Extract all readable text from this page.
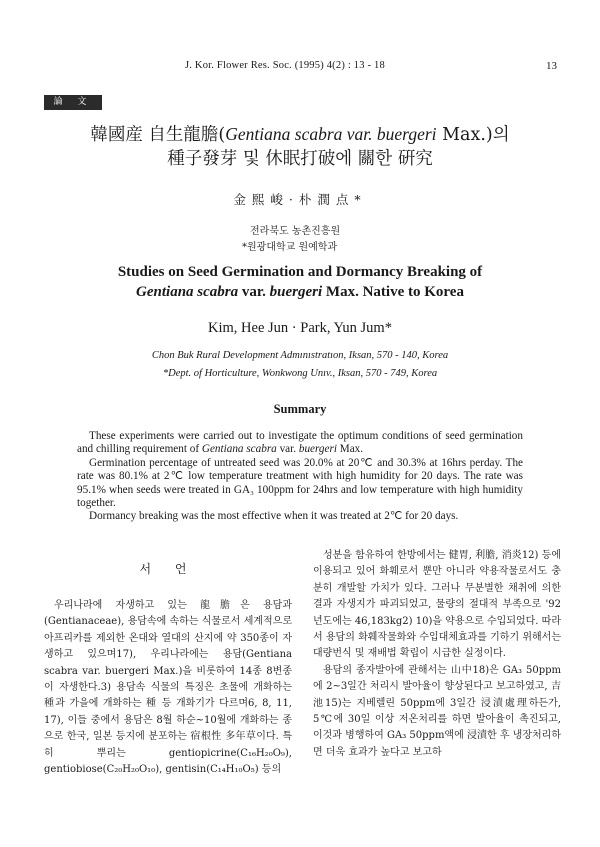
J. Kor. Flower Res. Soc. (1995) 4(2) : 13 - 18	13
論 文
韓國産 自生龍膽(Gentiana scabra var. buergeri Max.)의
種子發芽 및 休眠打破에 關한 硏究
金熙峻·朴潤点*
전라북도 농촌진흥원
*원광대학교 원예학과
Studies on Seed Germination and Dormancy Breaking of
Gentiana scabra var. buergeri Max. Native to Korea
Kim, Hee Jun · Park, Yun Jum*
Chon Buk Rural Development Admınıstratıon, Iksan, 570 - 140, Korea
*Dept. of Horticulture, Wonkwong Unıv., Iksan, 570 - 749, Korea
Summary

These experiments were carried out to investigate the optimum conditions of seed germination and chilling requirement of Gentiana scabra var. buergeri Max.

Germination percentage of untreated seed was 20.0% at 20℃ and 30.3% at 16hrs perday. The rate was 80.1% at 2℃ low temperature treatment with high humidity for 20 days. The rate was 95.1% when seeds were treated in GA₃ 100ppm for 24hrs and low temperature with high humidity together.

Dormancy breaking was the most effective when it was treated at 2℃ for 20 days.

서 언

우리나라에 자생하고 있는 龍膽은 용담과(Gentianaceae), 용담속에 속하는 식물로서 세계적으로 아프리카를 제외한 온대와 열대의 산지에 약 350종이 자생하고 있으며17), 우리나라에는 용담(Gentiana scabra var. buergeri Max.)을 비롯하여 14종 8변종이 자생한다.3) 용담속 식물의 특징은 초물에 개화하는 種과 가을에 개화하는 種 등 개화기가 다르며6, 8, 11, 17), 이들 중에서 용담은 8월 하순~10월에 개화하는 종으로 한국, 일본 등지에 분포하는 宿根性 多年草이다. 특히 뿌리는 gentiopicrine(C₁₆H₂₀O₉), gentiobiose(C₂₀H₂₀O₁₀), gentisin(C₁₄H₁₀O₅) 등의

성분을 함유하여 한방에서는 健胃, 利膽, 消炎12) 등에 이용되고 있어 화훼로서 뿐만 아니라 약용작물로서도 충분히 개발할 가치가 있다. 그러나 무분별한 채취에 의한 결과 자생지가 파괴되었고, 물량의 절대적 부족으로 '92년도에는 46,183kg2) 10)을 약용으로 수입되었다. 따라서 용담의 화훼작물화와 수입대체효과를 기하기 위해서는 대량번식 및 재배법 확립이 시급한 실정이다.

용담의 종자발아에 관해서는 山中18)은 GA₃ 50ppm에 2~3일간 처리시 발아율이 향상된다고 보고하였고, 吉池15)는 지베렐린 50ppm에 3일간 浸漬處理하든가, 5℃에 30일 이상 저온처리를 하면 발아율이 촉진되고, 이것과 병행하여 GA₃ 50ppm액에 浸漬한 후 냉장처리하면 더욱 효과가 높다고 보고하
